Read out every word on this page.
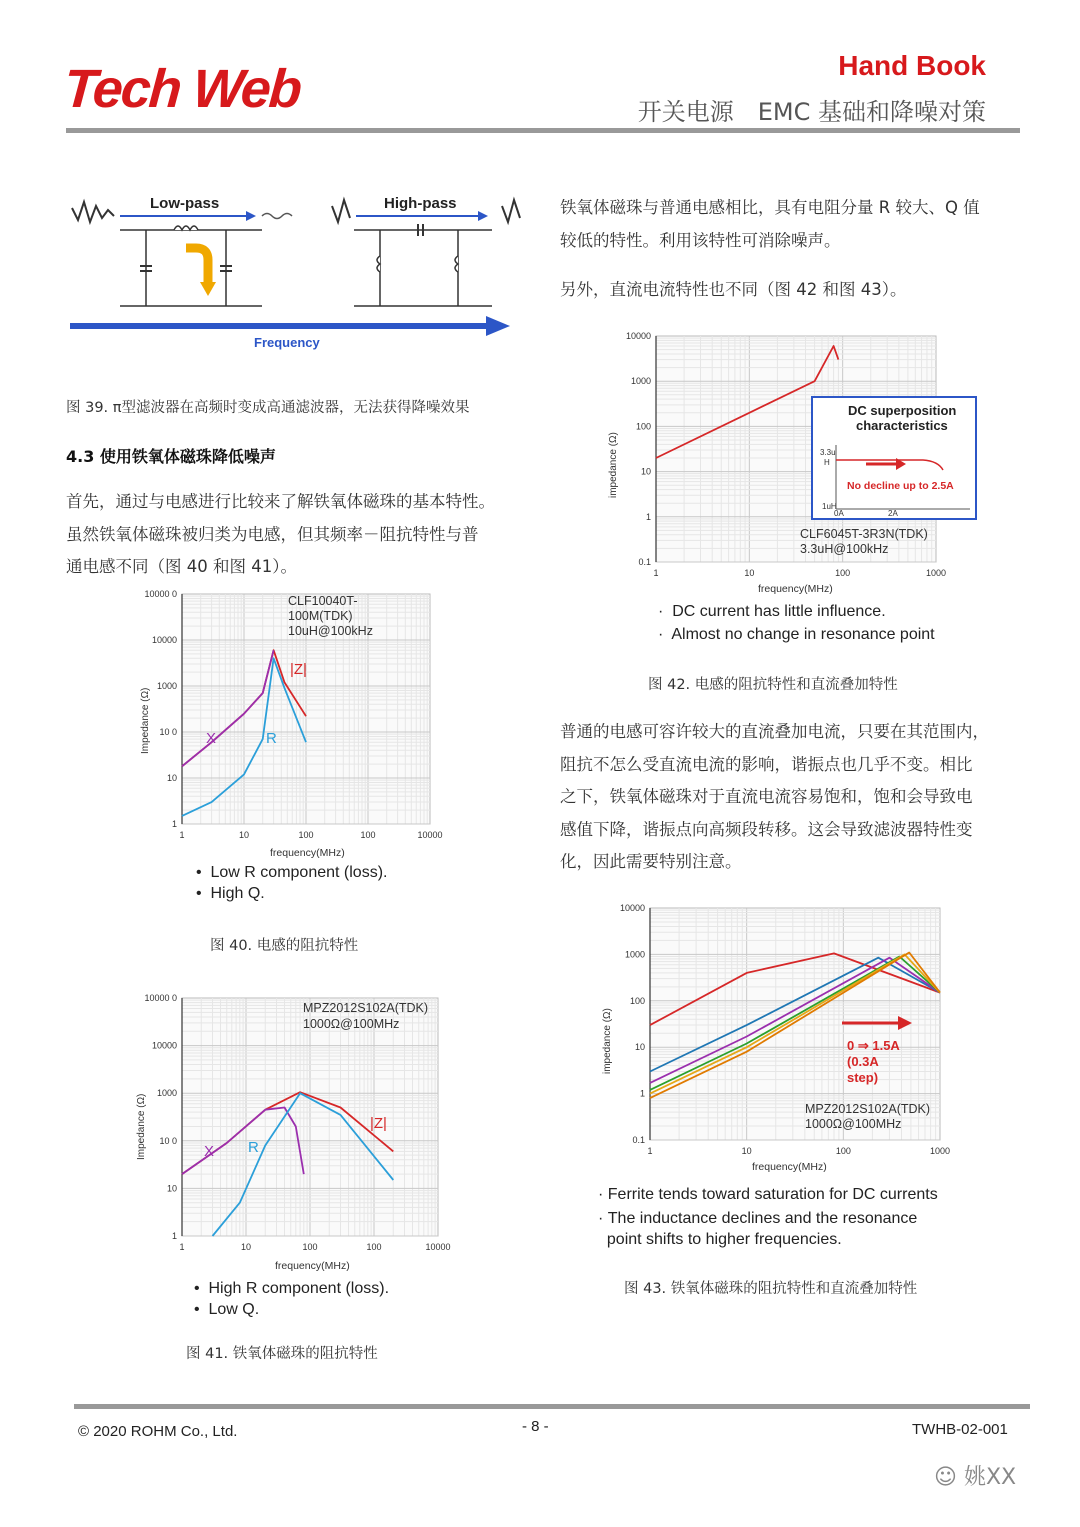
Tech Web	Hand Book
开关电源　EMC 基础和降噪对策
Low-pass	High-pass
Frequency
图 39. π型滤波器在高频时变成高通滤波器，无法获得降噪效果
4.3 使用铁氧体磁珠降低噪声
首先，通过与电感进行比较来了解铁氧体磁珠的基本特性。
虽然铁氧体磁珠被归类为电感，但其频率－阻抗特性与普
通电感不同（图 40 和图 41）。
1	10	100	100	10000
10000 0
10000
1000
10 0
10
1
CLF10040T-
100M(TDK)
10uH@100kHz
|Z|
X	R
Impedance (Ω)
frequency(MHz)
•  Low R component (loss).
•  High Q.
图 40. 电感的阻抗特性
1	10	100	100	10000
10000 0
10000
1000
10 0
10
1
MPZ2012S102A(TDK)
1000Ω@100MHz
|Z|
X R
Impedance (Ω)
frequency(MHz)
•  High R component (loss).
•  Low Q.
图 41. 铁氧体磁珠的阻抗特性
铁氧体磁珠与普通电感相比，具有电阻分量 R 较大、Q 值
较低的特性。利用该特性可消除噪声。
另外，直流电流特性也不同（图 42 和图 43）。
1	10	100	1000
10000
1000
100
10
1
0.1
DC superposition
characteristics
3.3u
H
1uH
0A	2A
No decline up to 2.5A
CLF6045T-3R3N(TDK)
3.3uH@100kHz
impedance (Ω)
frequency(MHz)
·  DC current has little influence.
·  Almost no change in resonance point
图 42. 电感的阻抗特性和直流叠加特性
普通的电感可容许较大的直流叠加电流，只要在其范围内，
阻抗不怎么受直流电流的影响，谐振点也几乎不变。相比
之下，铁氧体磁珠对于直流电流容易饱和，饱和会导致电
感值下降，谐振点向高频段转移。这会导致滤波器特性变
化，因此需要特别注意。
1	10	100	1000
10000
1000
100
10
1
0.1
0 ⇒ 1.5A
(0.3A
step)
MPZ2012S102A(TDK)
1000Ω@100MHz
impedance (Ω)
frequency(MHz)
· Ferrite tends toward saturation for DC currents
· The inductance declines and the resonance
point shifts to higher frequencies.
图 43. 铁氧体磁珠的阻抗特性和直流叠加特性
© 2020 ROHM Co., Ltd.	- 8 -	TWHB-02-001
☺ 姚XX
